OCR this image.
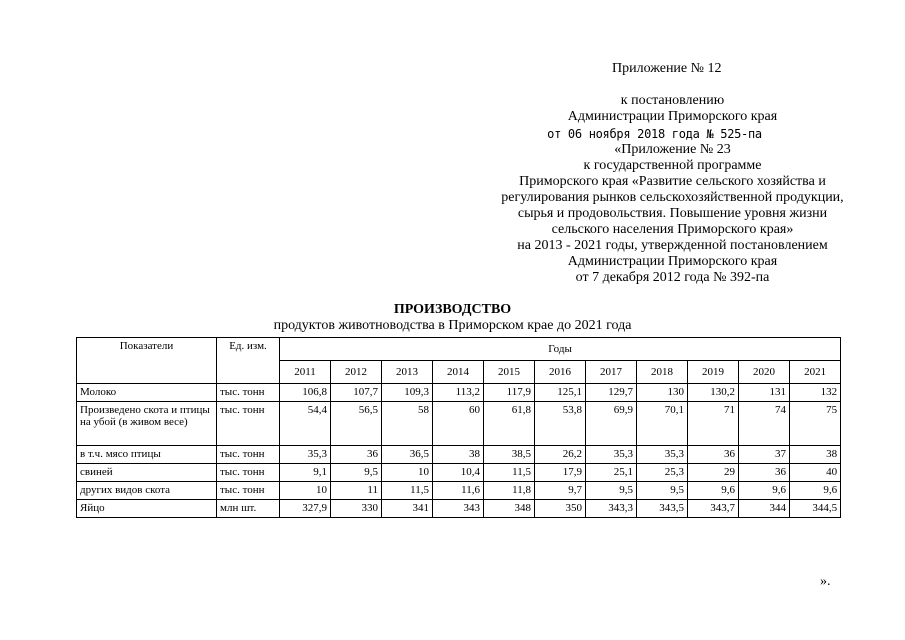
Приложение № 12
к постановлению
Администрации Приморского края
от 06 ноября 2018 года № 525-па
«Приложение № 23
к государственной программе
Приморского края «Развитие сельского хозяйства и
регулирования рынков сельскохозяйственной продукции,
сырья и продовольствия. Повышение уровня жизни
сельского населения Приморского края»
на 2013 - 2021 годы, утвержденной постановлением
Администрации Приморского края
от 7 декабря 2012 года № 392-па
ПРОИЗВОДСТВО
продуктов животноводства в Приморском крае до 2021 года
Показатели	Ед. изм.	Годы										
		2011	2012	2013	2014	2015	2016	2017	2018	2019	2020	2021
Молоко	тыс. тонн	106,8	107,7	109,3	113,2	117,9	125,1	129,7	130	130,2	131	132
Произведено скота и птицы на убой (в живом весе)	тыс. тонн	54,4	56,5	58	60	61,8	53,8	69,9	70,1	71	74	75
в т.ч. мясо птицы	тыс. тонн	35,3	36	36,5	38	38,5	26,2	35,3	35,3	36	37	38
свиней	тыс. тонн	9,1	9,5	10	10,4	11,5	17,9	25,1	25,3	29	36	40
других видов скота	тыс. тонн	10	11	11,5	11,6	11,8	9,7	9,5	9,5	9,6	9,6	9,6
Яйцо	млн шт.	327,9	330	341	343	348	350	343,3	343,5	343,7	344	344,5
».
